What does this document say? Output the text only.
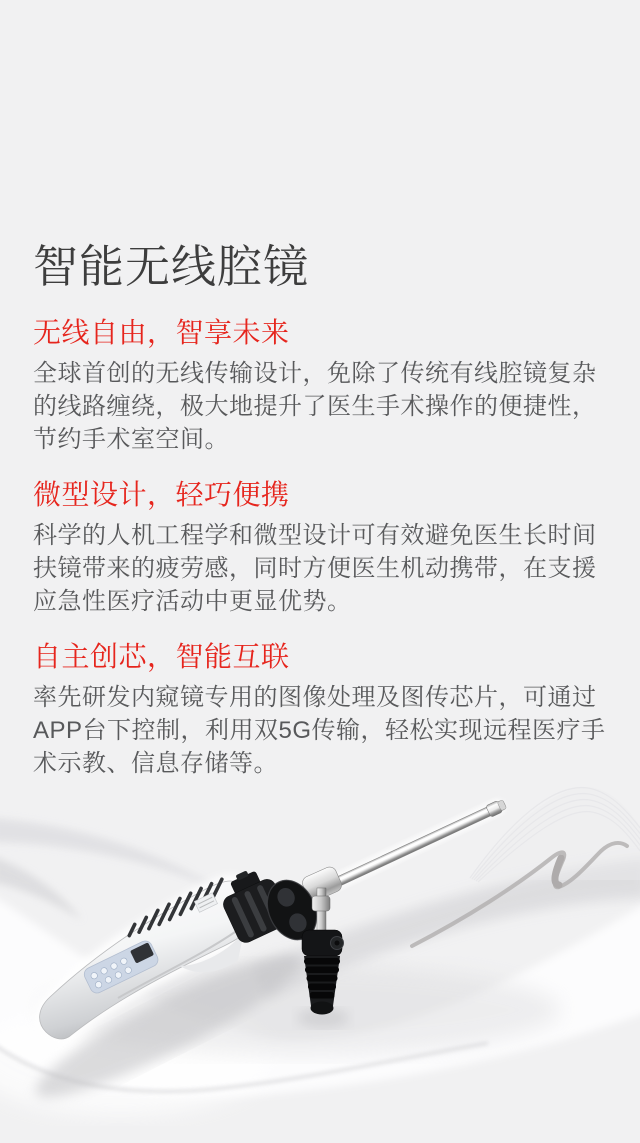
智能无线腔镜
无线自由，智享未来

全球首创的无线传输设计，免除了传统有线腔镜复杂的线路缠绕，极大地提升了医生手术操作的便捷性，节约手术室空间。

微型设计，轻巧便携

科学的人机工程学和微型设计可有效避免医生长时间扶镜带来的疲劳感，同时方便医生机动携带，在支援应急性医疗活动中更显优势。

自主创芯，智能互联

率先研发内窥镜专用的图像处理及图传芯片，可通过APP台下控制，利用双5G传输，轻松实现远程医疗手术示教、信息存储等。
